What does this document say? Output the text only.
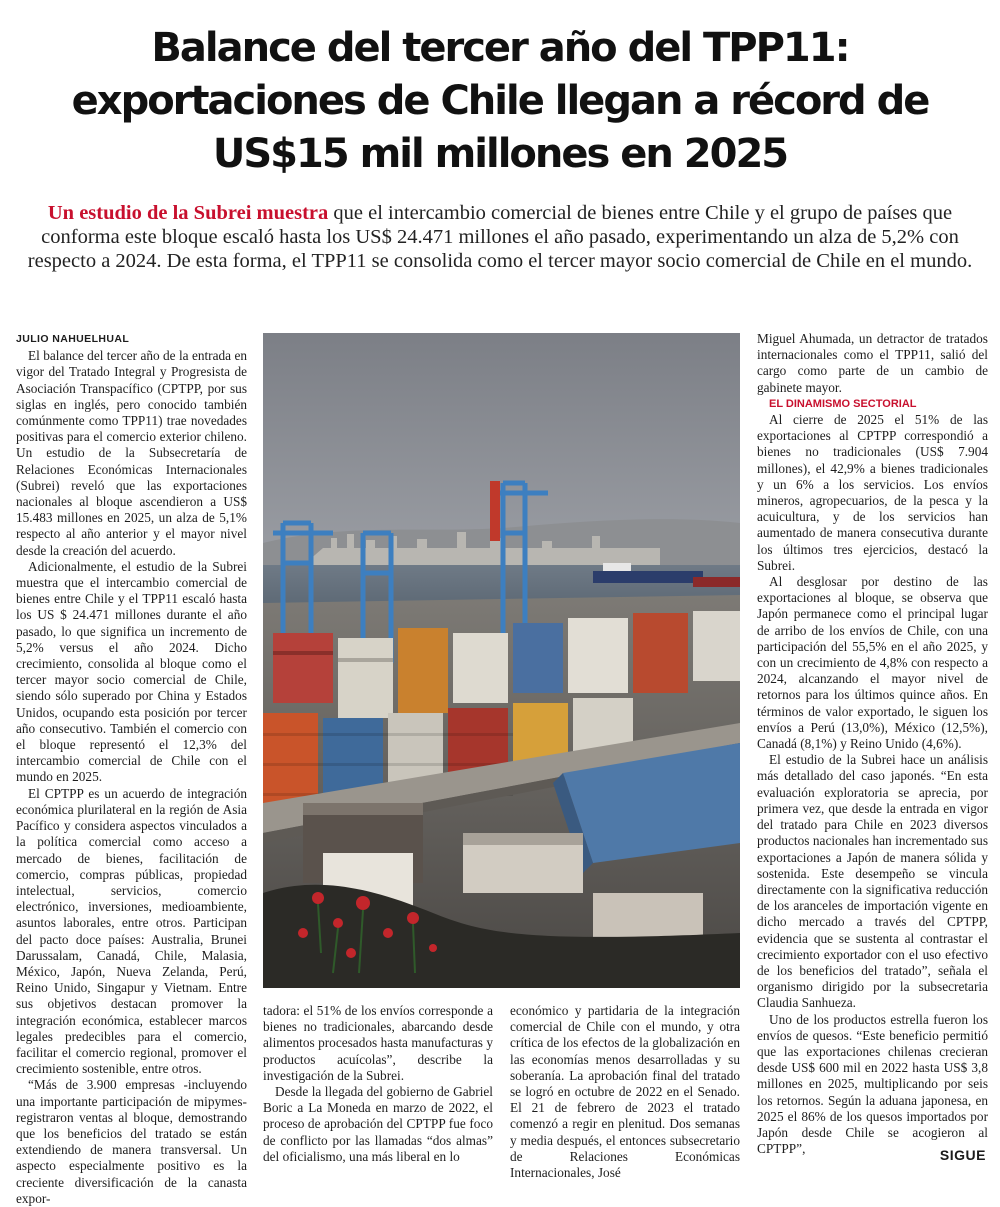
Balance del tercer año del TPP11:
exportaciones de Chile llegan a récord de
US$15 mil millones en 2025
Un estudio de la Subrei muestra que el intercambio comercial de bienes entre Chile y el grupo de países que conforma este bloque escaló hasta los US$ 24.471 millones el año pasado, experimentando un alza de 5,2% con respecto a 2024. De esta forma, el TPP11 se consolida como el tercer mayor socio comercial de Chile en el mundo.

JULIO NAHUELHUAL

El balance del tercer año de la entrada en vigor del Tratado Integral y Progresista de Asociación Transpacífico (CPTPP, por sus siglas en inglés, pero conocido también comúnmente como TPP11) trae novedades positivas para el comercio exterior chileno. Un estudio de la Subsecretaría de Relaciones Económicas Internacionales (Subrei) reveló que las exportaciones nacionales al bloque ascendieron a US$ 15.483 millones en 2025, un alza de 5,1% respecto al año anterior y el mayor nivel desde la creación del acuerdo.

Adicionalmente, el estudio de la Subrei muestra que el intercambio comercial de bienes entre Chile y el TPP11 escaló hasta los US $ 24.471 millones durante el año pasado, lo que significa un incremento de 5,2% versus el año 2024. Dicho crecimiento, consolida al bloque como el tercer mayor socio comercial de Chile, siendo sólo superado por China y Estados Unidos, ocupando esta posición por tercer año consecutivo. También el comercio con el bloque representó el 12,3% del intercambio comercial de Chile con el mundo en 2025.

El CPTPP es un acuerdo de integración económica plurilateral en la región de Asia Pacífico y considera aspectos vinculados a la política comercial como acceso a mercado de bienes, facilitación de comercio, compras públicas, propiedad intelectual, servicios, comercio electrónico, inversiones, medioambiente, asuntos laborales, entre otros. Participan del pacto doce países: Australia, Brunei Darussalam, Canadá, Chile, Malasia, México, Japón, Nueva Zelanda, Perú, Reino Unido, Singapur y Vietnam. Entre sus objetivos destacan promover la integración económica, establecer marcos legales predecibles para el comercio, facilitar el comercio regional, promover el crecimiento sostenible, entre otros.

“Más de 3.900 empresas -incluyendo una importante participación de mipymes- registraron ventas al bloque, demostrando que los beneficios del tratado se están extendiendo de manera transversal. Un aspecto especialmente positivo es la creciente diversificación de la canasta expor-

tadora: el 51% de los envíos corresponde a bienes no tradicionales, abarcando desde alimentos procesados hasta manufacturas y productos acuícolas”, describe la investigación de la Subrei.

Desde la llegada del gobierno de Gabriel Boric a La Moneda en marzo de 2022, el proceso de aprobación del CPTPP fue foco de conflicto por las llamadas “dos almas” del oficialismo, una más liberal en lo

económico y partidaria de la integración comercial de Chile con el mundo, y otra crítica de los efectos de la globalización en las economías menos desarrolladas y su soberanía. La aprobación final del tratado se logró en octubre de 2022 en el Senado. El 21 de febrero de 2023 el tratado comenzó a regir en plenitud. Dos semanas y media después, el entonces subsecretario de Relaciones Económicas Internacionales, José

Miguel Ahumada, un detractor de tratados internacionales como el TPP11, salió del cargo como parte de un cambio de gabinete mayor.

EL DINAMISMO SECTORIAL

Al cierre de 2025 el 51% de las exportaciones al CPTPP correspondió a bienes no tradicionales (US$ 7.904 millones), el 42,9% a bienes tradicionales y un 6% a los servicios. Los envíos mineros, agropecuarios, de la pesca y la acuicultura, y de los servicios han aumentado de manera consecutiva durante los últimos tres ejercicios, destacó la Subrei.

Al desglosar por destino de las exportaciones al bloque, se observa que Japón permanece como el principal lugar de arribo de los envíos de Chile, con una participación del 55,5% en el año 2025, y con un crecimiento de 4,8% con respecto a 2024, alcanzando el mayor nivel de retornos para los últimos quince años. En términos de valor exportado, le siguen los envíos a Perú (13,0%), México (12,5%), Canadá (8,1%) y Reino Unido (4,6%).

El estudio de la Subrei hace un análisis más detallado del caso japonés. “En esta evaluación exploratoria se aprecia, por primera vez, que desde la entrada en vigor del tratado para Chile en 2023 diversos productos nacionales han incrementado sus exportaciones a Japón de manera sólida y sostenida. Este desempeño se vincula directamente con la significativa reducción de los aranceles de importación vigente en dicho mercado a través del CPTPP, evidencia que se sustenta al contrastar el crecimiento exportador con el uso efectivo de los beneficios del tratado”, señala el organismo dirigido por la subsecretaria Claudia Sanhueza.

Uno de los productos estrella fueron los envíos de quesos. “Este beneficio permitió que las exportaciones chilenas crecieran desde US$ 600 mil en 2022 hasta US$ 3,8 millones en 2025, multiplicando por seis los retornos. Según la aduana japonesa, en 2025 el 86% de los quesos importados por Japón desde Chile se acogieron al CPTPP”,	SIGUE
